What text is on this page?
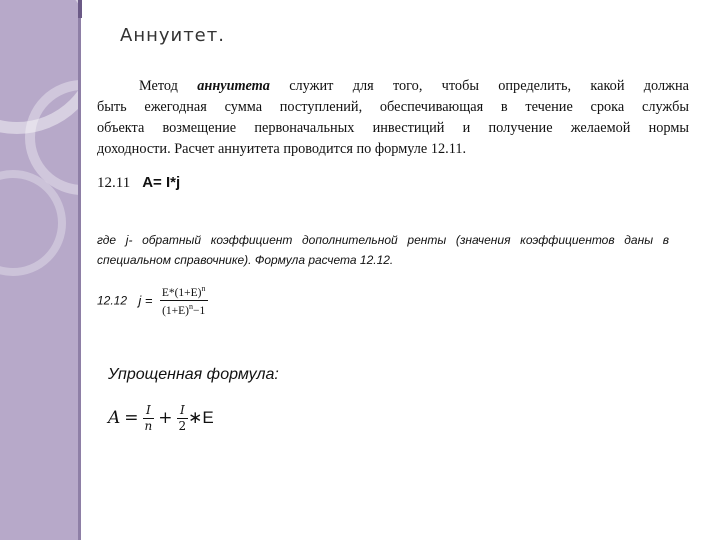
Аннуитет.
Метод аннуитета служит для того, чтобы определить, какой должна
быть ежегодная сумма поступлений, обеспечивающая в течение срока службы
объекта возмещение первоначальных инвестиций и получение желаемой нормы
доходности. Расчет аннуитета проводится по формуле 12.11.
12.11 A= I*j
где j- обратный коэффициент дополнительной ренты (значения коэффициентов даны в
специальном справочнике). Формула расчета 12.12.
12.12 $j = \frac{E*(1+E)^n}{(1+E)^n-1}$
Упрощенная формула:
$A = \frac{I}{n} + \frac{I}{2}$ ∗E
